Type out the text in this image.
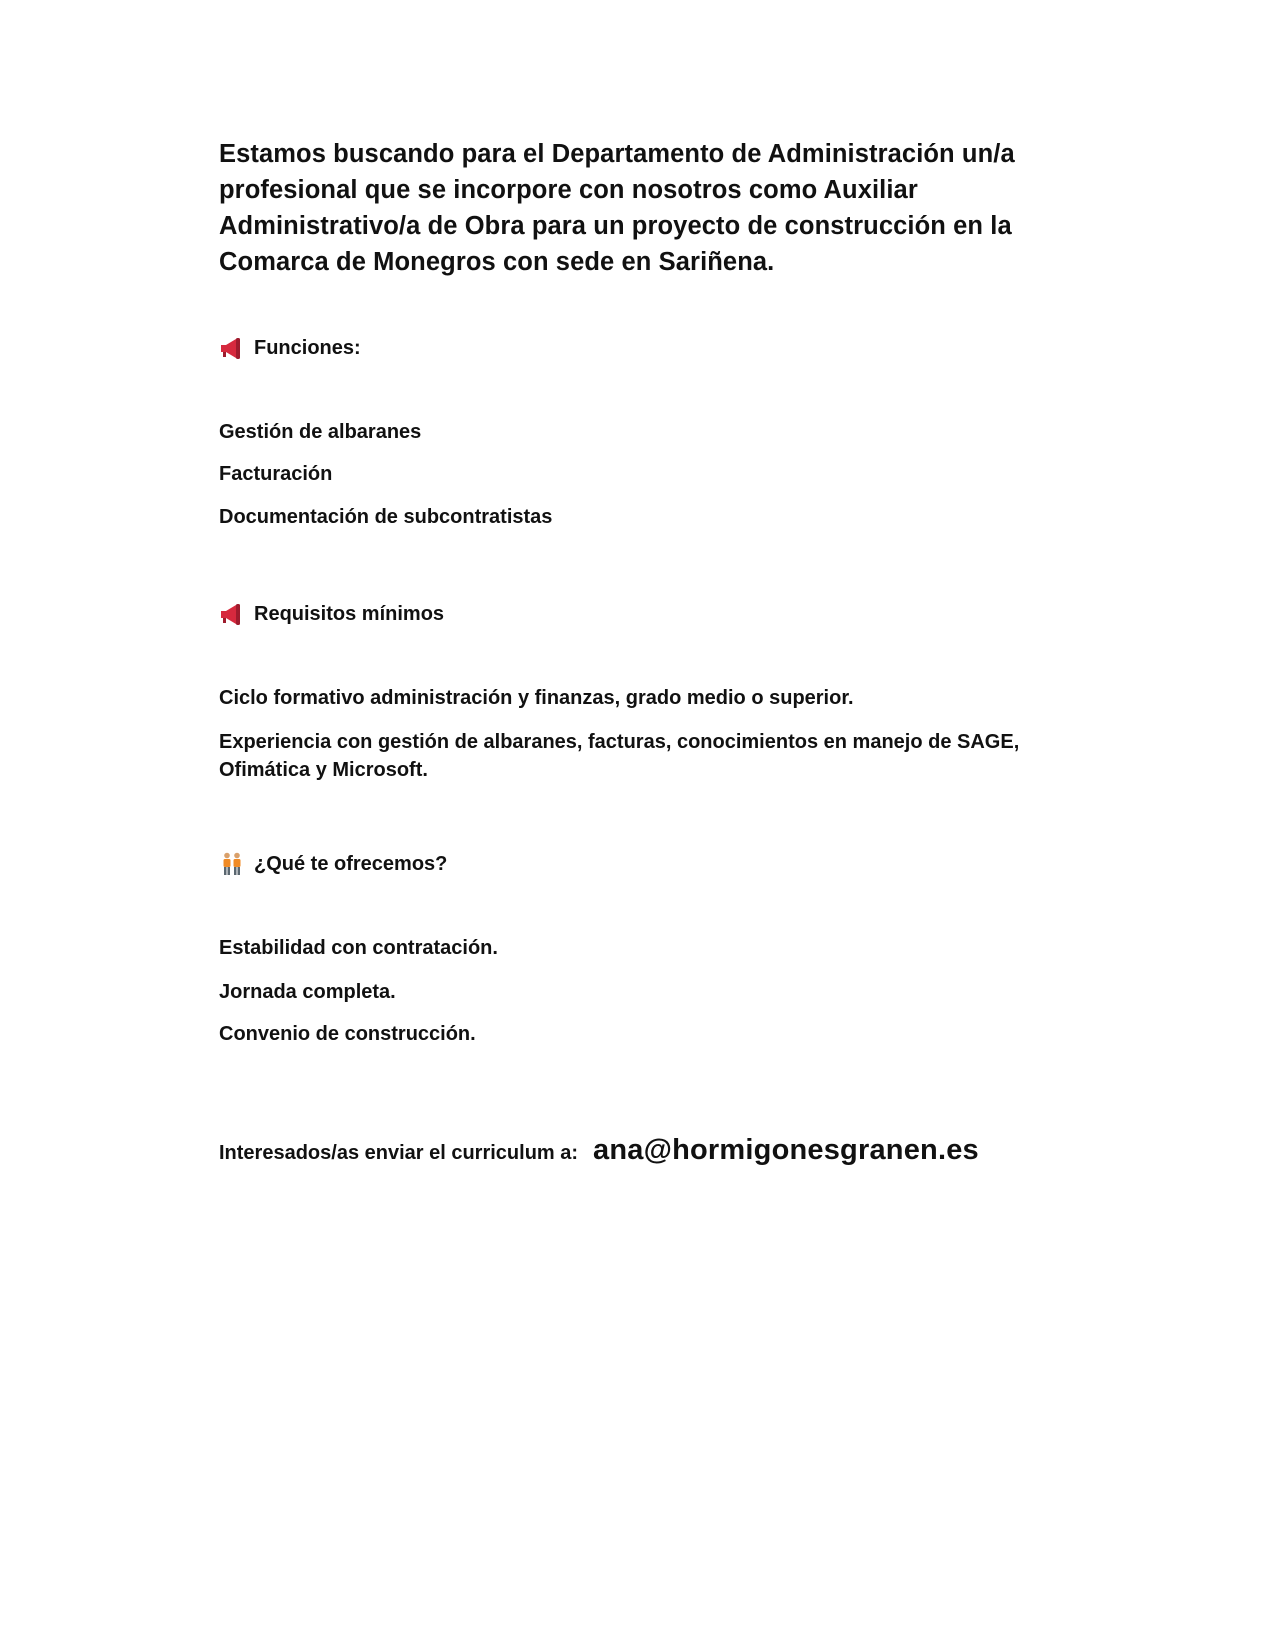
Estamos buscando para el Departamento de Administración un/a profesional que se incorpore con nosotros como Auxiliar Administrativo/a de Obra para un proyecto de construcción en la Comarca de Monegros con sede en Sariñena.
Funciones:
Gestión de albaranes
Facturación
Documentación de subcontratistas
Requisitos mínimos
Ciclo formativo administración y finanzas, grado medio o superior.
Experiencia con gestión de albaranes, facturas, conocimientos en manejo de SAGE, Ofimática y Microsoft.
¿Qué te ofrecemos?
Estabilidad con contratación.
Jornada completa.
Convenio de construcción.
Interesados/as enviar el curriculum a: ana@hormigonesgranen.es
